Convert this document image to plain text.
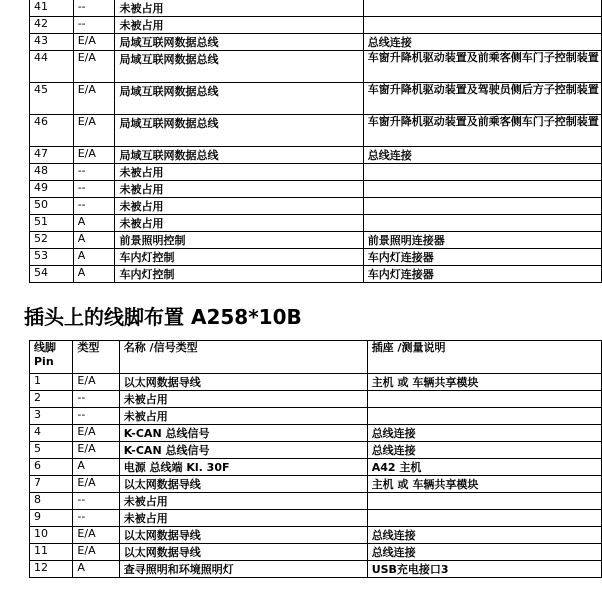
41	--	未被占用	
42	--	未被占用	
43	E/A	局域互联网数据总线	总线连接
44	E/A	局域互联网数据总线	车窗升降机驱动装置及前乘客侧车门子控制装置
45	E/A	局域互联网数据总线	车窗升降机驱动装置及驾驶员侧后方子控制装置
46	E/A	局域互联网数据总线	车窗升降机驱动装置及前乘客侧车门子控制装置
47	E/A	局域互联网数据总线	总线连接
48	--	未被占用	
49	--	未被占用	
50	--	未被占用	
51	A	未被占用	
52	A	前景照明控制	前景照明连接器
53	A	车内灯控制	车内灯连接器
54	A	车内灯控制	车内灯连接器
插头上的线脚布置 A258*10B
线脚 Pin	类型	名称 /信号类型	插座 /测量说明
1	E/A	以太网数据导线	主机 或 车辆共享模块
2	--	未被占用	
3	--	未被占用	
4	E/A	K-CAN 总线信号	总线连接
5	E/A	K-CAN 总线信号	总线连接
6	A	电源 总线端 Kl. 30F	A42 主机
7	E/A	以太网数据导线	主机 或 车辆共享模块
8	--	未被占用	
9	--	未被占用	
10	E/A	以太网数据导线	总线连接
11	E/A	以太网数据导线	总线连接
12	A	查寻照明和环境照明灯	USB充电接口3
